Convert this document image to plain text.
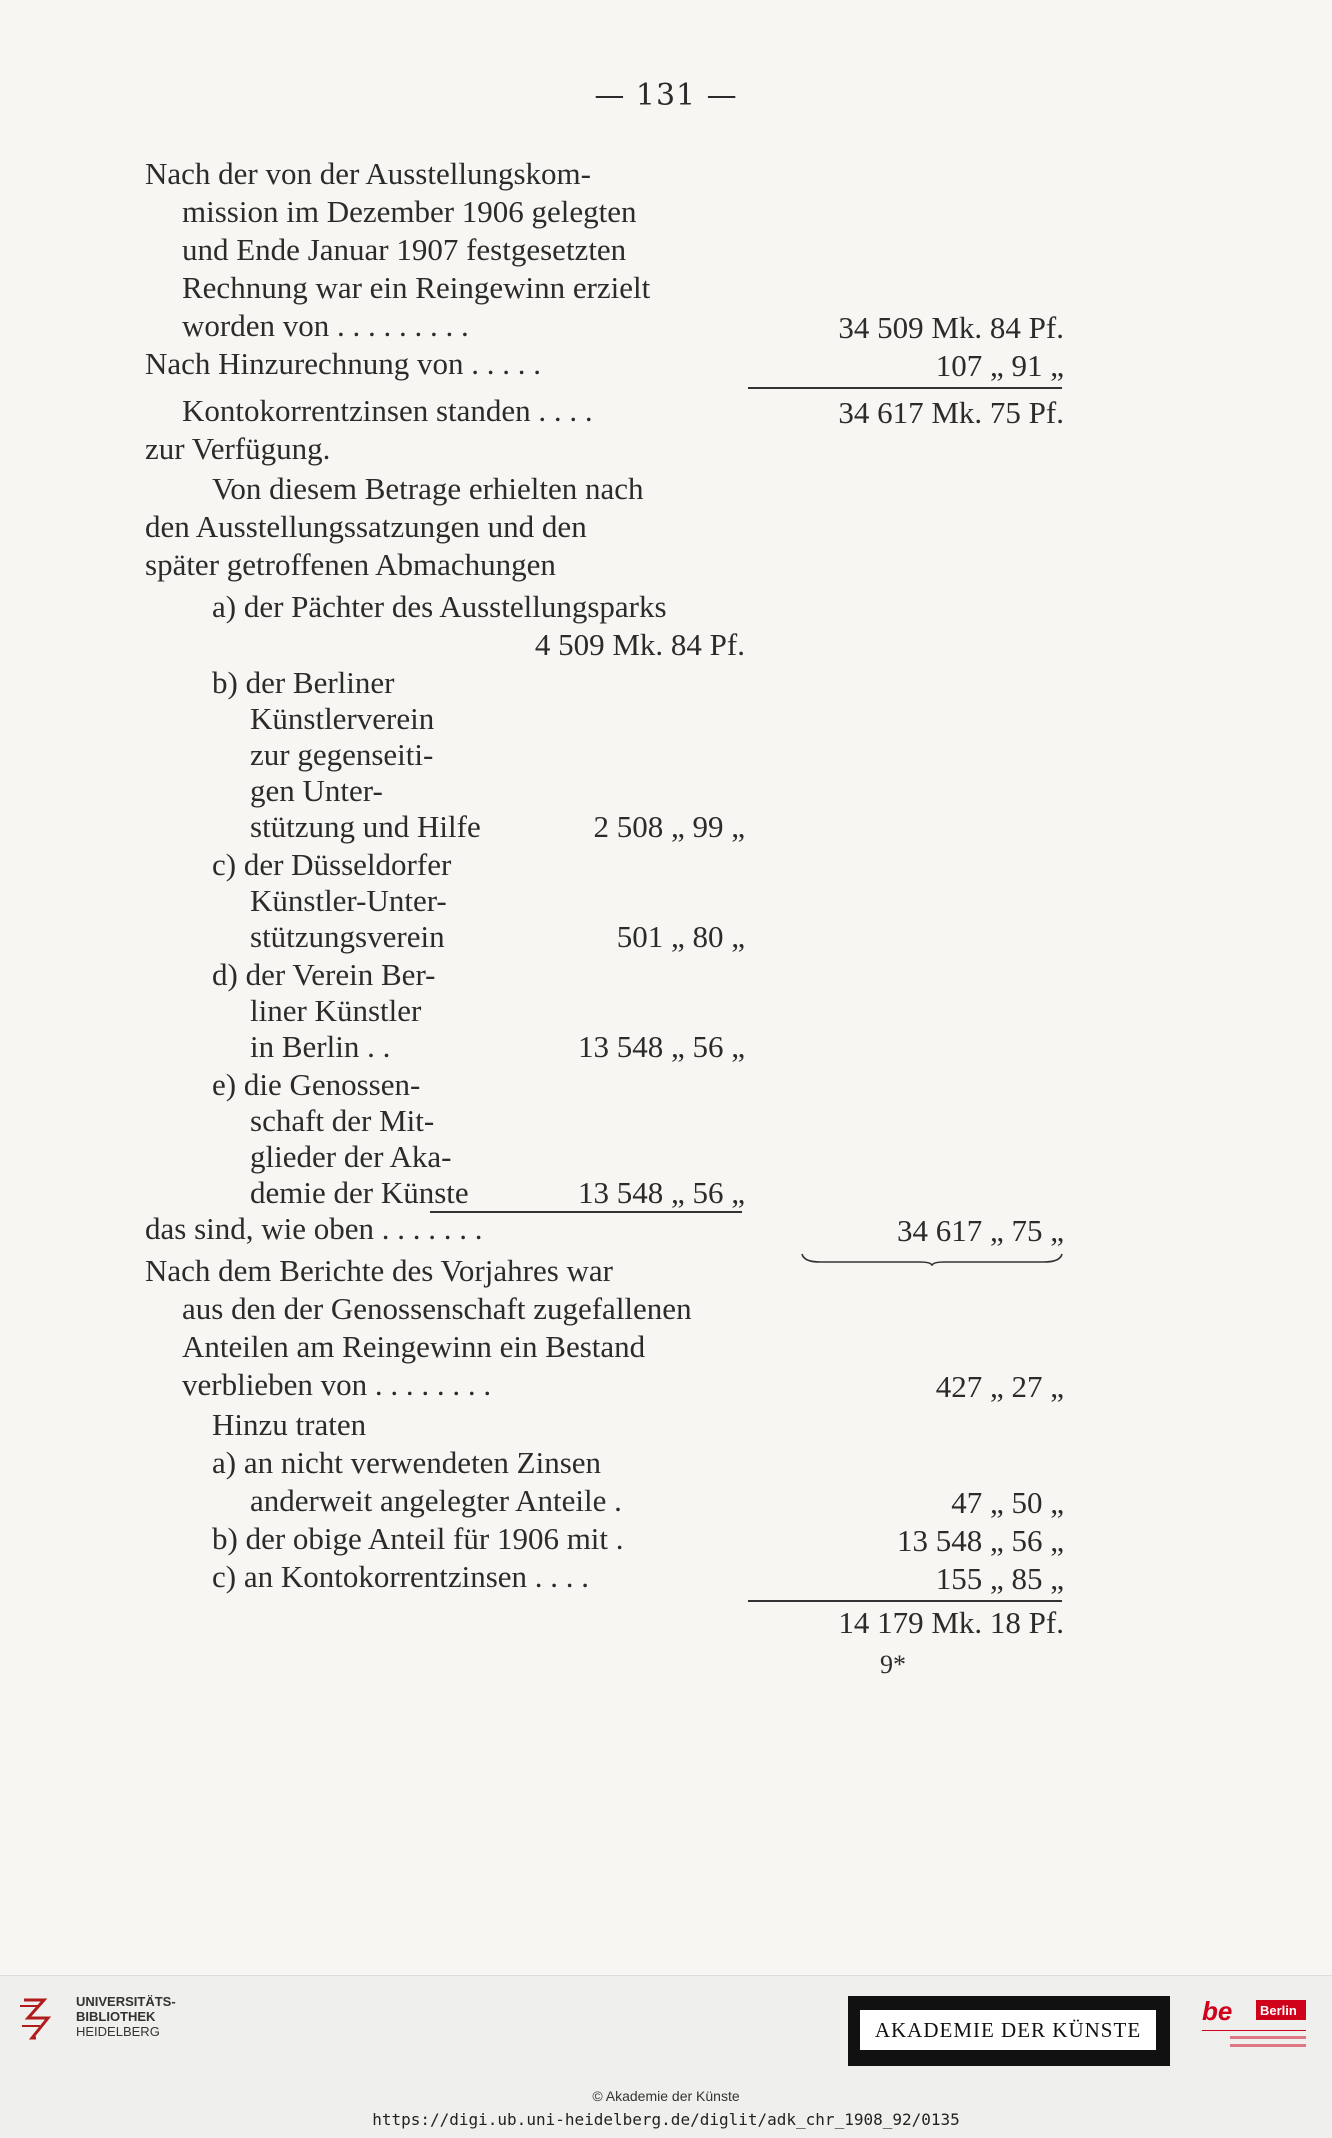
— 131 —
Nach der von der Ausstellungskom-
mission im Dezember 1906 gelegten
und Ende Januar 1907 festgesetzten
Rechnung war ein Reingewinn erzielt
worden von . . . . . . . . .	34 509 Mk. 84 Pf.
Nach Hinzurechnung von . . . . .	107 „ 91 „
Kontokorrentzinsen standen . . . .	34 617 Mk. 75 Pf.
zur Verfügung.
Von diesem Betrage erhielten nach
den Ausstellungssatzungen und den
später getroffenen Abmachungen
a) der Pächter des Ausstellungsparks
4 509 Mk. 84 Pf.
b) der Berliner
Künstlerverein
zur gegenseiti-
gen Unter-
stützung und Hilfe	2 508 „ 99 „
c) der Düsseldorfer
Künstler-Unter-
stützungsverein	501 „ 80 „
d) der Verein Ber-
liner Künstler
in Berlin . .	13 548 „ 56 „
e) die Genossen-
schaft der Mit-
glieder der Aka-
demie der Künste	13 548 „ 56 „
das sind, wie oben . . . . . . .	34 617 „ 75 „
Nach dem Berichte des Vorjahres war
aus den der Genossenschaft zugefallenen
Anteilen am Reingewinn ein Bestand
verblieben von . . . . . . . .	427 „ 27 „
Hinzu traten
a) an nicht verwendeten Zinsen
anderweit angelegter Anteile .	47 „ 50 „
b) der obige Anteil für 1906 mit .	13 548 „ 56 „
c) an Kontokorrentzinsen . . . .	155 „ 85 „
14 179 Mk. 18 Pf.
9*
UNIVERSITÄTS-
BIBLIOTHEK
HEIDELBERG	AKADEMIE DER KÜNSTE
be Berlin
© Akademie der Künste
https://digi.ub.uni-heidelberg.de/diglit/adk_chr_1908_92/0135
